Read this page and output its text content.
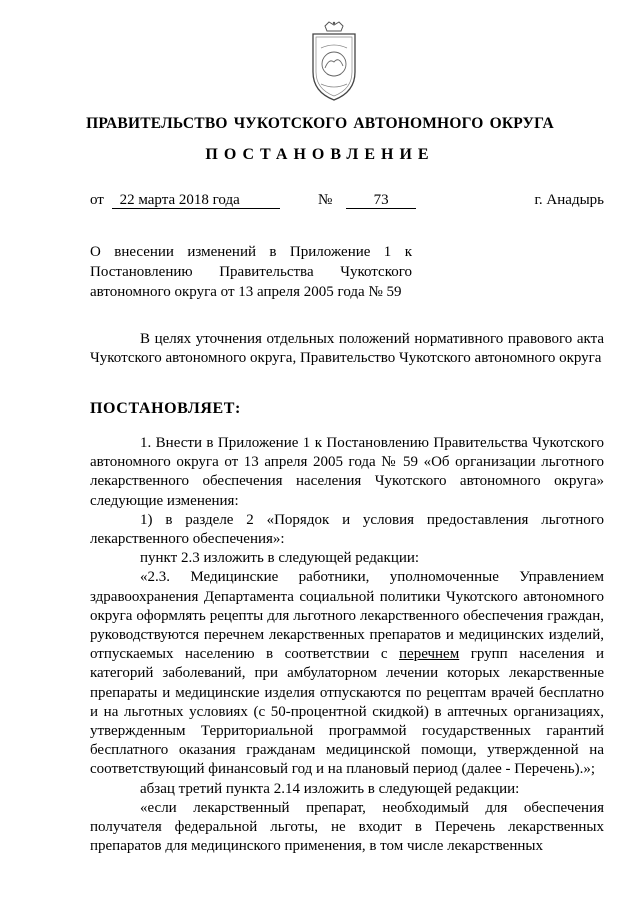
ПРАВИТЕЛЬСТВО ЧУКОТСКОГО АВТОНОМНОГО ОКРУГА
ПОСТАНОВЛЕНИЕ
от 22 марта 2018 года	№	73	г. Анадырь
О внесении изменений в Приложение 1 к
Постановлению Правительства Чукотского
автономного округа от 13 апреля 2005 года № 59

В целях уточнения отдельных положений нормативного правового акта Чукотского автономного округа, Правительство Чукотского автономного округа

ПОСТАНОВЛЯЕТ:

1. Внести в Приложение 1 к Постановлению Правительства Чукотского автономного округа от 13 апреля 2005 года № 59 «Об организации льготного лекарственного обеспечения населения Чукотского автономного округа» следующие изменения:

1) в разделе 2 «Порядок и условия предоставления льготного лекарственного обеспечения»:

пункт 2.3 изложить в следующей редакции:

«2.3. Медицинские работники, уполномоченные Управлением здравоохранения Департамента социальной политики Чукотского автономного округа оформлять рецепты для льготного лекарственного обеспечения граждан, руководствуются перечнем лекарственных препаратов и медицинских изделий, отпускаемых населению в соответствии с перечнем групп населения и категорий заболеваний, при амбулаторном лечении которых лекарственные препараты и медицинские изделия отпускаются по рецептам врачей бесплатно и на льготных условиях (с 50-процентной скидкой) в аптечных организациях, утвержденным Территориальной программой государственных гарантий бесплатного оказания гражданам медицинской помощи, утвержденной на соответствующий финансовый год и на плановый период (далее - Перечень).»;

абзац третий пункта 2.14 изложить в следующей редакции:

«если лекарственный препарат, необходимый для обеспечения получателя федеральной льготы, не входит в Перечень лекарственных препаратов для медицинского применения, в том числе лекарственных
